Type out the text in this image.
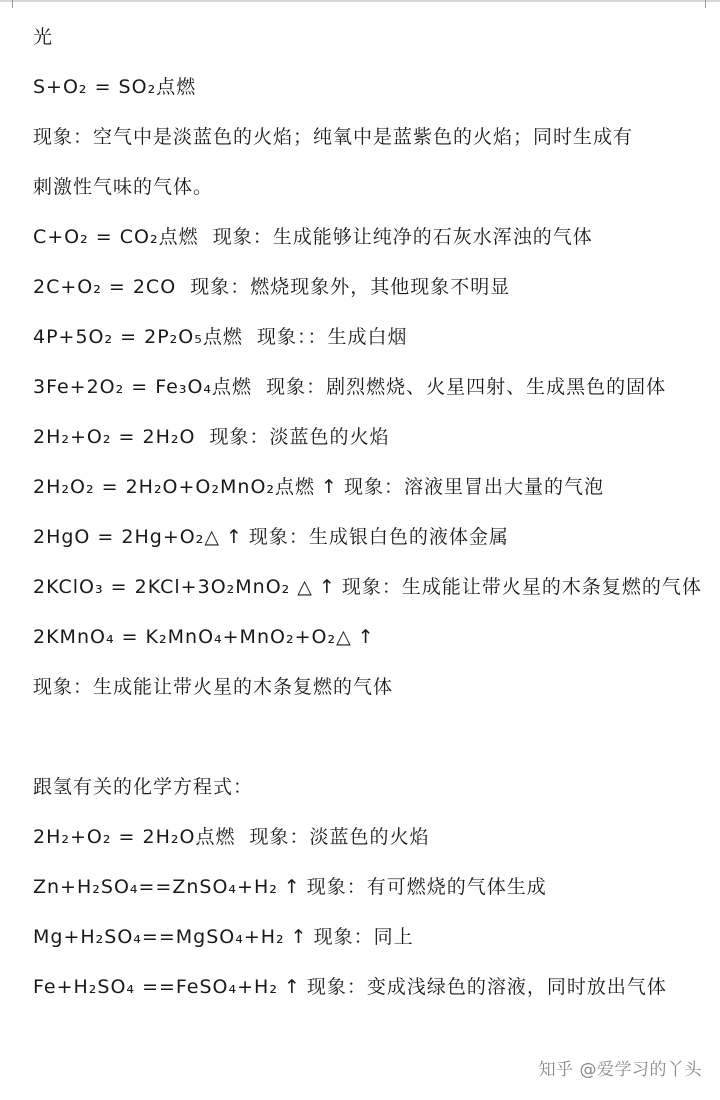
光
S+O₂ = SO₂ 点燃

现象：空气中是淡蓝色的火焰；纯氧中是蓝紫色的火焰；同时生成有
刺激性气味的气体。
C+O₂ = CO₂ 点燃
现象：生成能够让纯净的石灰水浑浊的气体
2C+O₂ = 2CO
现象：燃烧现象外，其他现象不明显
4P+5O₂ = 2P₂O₅ 点燃
现象：：生成白烟
3Fe+2O₂ = Fe₃O₄ 点燃
现象：剧烈燃烧、火星四射、生成黑色的固体
2H₂+O₂ = 2H₂O
现象：淡蓝色的火焰
2H₂O₂ = 2H₂O+O₂ MnO₂点燃 ↑ 现象：溶液里冒出大量的气泡
2HgO = 2Hg+O₂ △ ↑ 现象：生成银白色的液体金属
2KClO₃ = 2KCl+3O₂ MnO₂ △ ↑ 现象：生成能让带火星的木条复燃的气体
2KMnO₄ = K₂MnO₄+MnO₂+O₂ △ ↑
现象：生成能让带火星的木条复燃的气体
跟氢有关的化学方程式：
2H₂+O₂ = 2H₂O 点燃
现象：淡蓝色的火焰
Zn+H₂SO₄==ZnSO₄+H₂ ↑ 现象：有可燃烧的气体生成
Mg+H₂SO₄==MgSO₄+H₂ ↑ 现象：同上
Fe+H₂SO₄ ==FeSO₄+H₂ ↑ 现象：变成浅绿色的溶液，同时放出气体
知乎 @爱学习的丫头
